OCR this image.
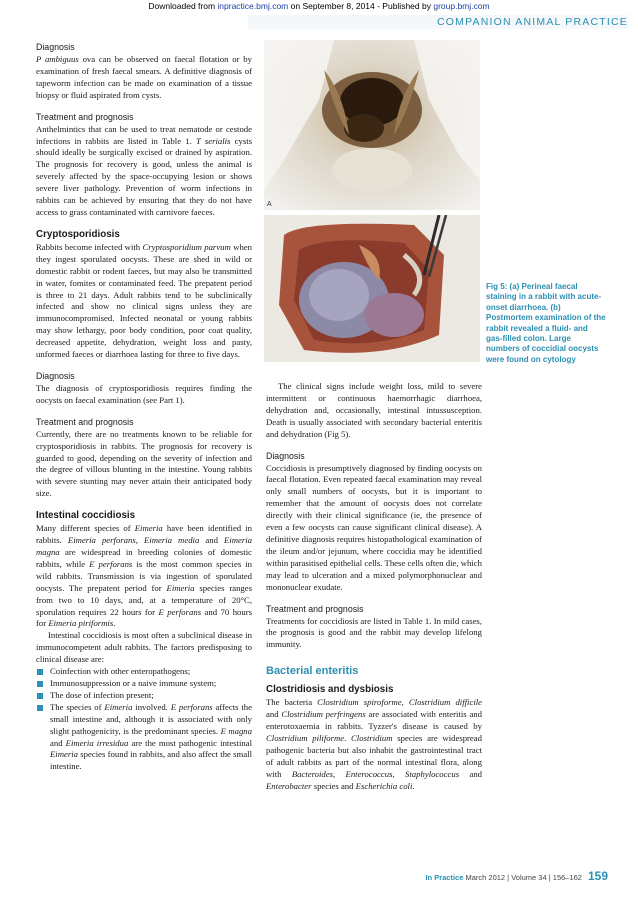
Downloaded from inpractice.bmj.com on September 8, 2014 - Published by group.bmj.com
COMPANION ANIMAL PRACTICE
Diagnosis

P ambiguus ova can be observed on faecal flotation or by examination of fresh faecal smears. A definitive diagnosis of tapeworm infection can be made on examination of a tissue biopsy or fluid aspirated from cysts.

Treatment and prognosis

Anthelmintics that can be used to treat nematode or cestode infections in rabbits are listed in Table 1. T serialis cysts should ideally be surgically excised or drained by aspiration. The prognosis for recovery is good, unless the animal is severely affected by the space-occupying lesion or shows severe liver pathology. Prevention of worm infections in rabbits can be achieved by ensuring that they do not have access to grass contaminated with carnivore faeces.

Cryptosporidiosis

Rabbits become infected with Cryptosporidium parvum when they ingest sporulated oocysts. These are shed in wild or domestic rabbit or rodent faeces, but may also be transmitted in water, fomites or contaminated feed. The prepatent period is three to 21 days. Adult rabbits tend to be subclinically infected and show no clinical signs unless they are immunocompromised. Infected neonatal or young rabbits may show lethargy, poor body condition, poor coat quality, decreased appetite, dehydration, weight loss and pasty, unformed faeces or diarrhoea lasting for three to five days.

Diagnosis

The diagnosis of cryptosporidiosis requires finding the oocysts on faecal examination (see Part 1).

Treatment and prognosis

Currently, there are no treatments known to be reliable for cryptosporidiosis in rabbits. The prognosis for recovery is guarded to good, depending on the severity of infection and the degree of villous blunting in the intestine. Young rabbits with severe stunting may never attain their anticipated body size.

Intestinal coccidiosis

Many different species of Eimeria have been identified in rabbits. Eimeria perforans, Eimeria media and Eimeria magna are widespread in breeding colonies of domestic rabbits, while E perforans is the most common species in wild rabbits. Transmission is via ingestion of sporulated oocysts. The prepatent period for Eimeria species ranges from two to 10 days, and, at a temperature of 20°C, sporulation requires 22 hours for E perforans and 70 hours for Eimeria piriformis.

Intestinal coccidiosis is most often a subclinical disease in immunocompetent adult rabbits. The factors predisposing to clinical disease are:

Coinfection with other enteropathogens;
Immunosuppression or a naive immune system;
The dose of infection present;
The species of Eimeria involved. E perforans affects the small intestine and, although it is associated with only slight pathogenicity, is the predominant species. E magna and Eimeria irresidua are the most pathogenic intestinal Eimeria species found in rabbits, and also affect the small intestine.
A
B
Fig 5: (a) Perineal faecal staining in a rabbit with acute-onset diarrhoea. (b) Postmortem examination of the rabbit revealed a fluid- and gas-filled colon. Large numbers of coccidial oocysts were found on cytology

The clinical signs include weight loss, mild to severe intermittent or continuous haemorrhagic diarrhoea, dehydration and, occasionally, intestinal intussusception. Death is usually associated with secondary bacterial enteritis and dehydration (Fig 5).

Diagnosis

Coccidiosis is presumptively diagnosed by finding oocysts on faecal flotation. Even repeated faecal examination may reveal only small numbers of oocysts, but it is important to remember that the amount of oocysts does not correlate directly with their clinical significance (ie, the presence of even a few oocysts can cause significant clinical disease). A definitive diagnosis requires histopathological examination of the ileum and/or jejunum, where coccidia may be identified within parasitised epithelial cells. These cells often die, which may lead to ulceration and a mixed polymorphonuclear and mononuclear exudate.

Treatment and prognosis

Treatments for coccidiosis are listed in Table 1. In mild cases, the prognosis is good and the rabbit may develop lifelong immunity.

Bacterial enteritis
Clostridiosis and dysbiosis

The bacteria Clostridium spiroforme, Clostridium difficile and Clostridium perfringens are associated with enteritis and enterotoxaemia in rabbits. Tyzzer's disease is caused by Clostridium piliforme. Clostridium species are widespread pathogenic bacteria but also inhabit the gastrointestinal tract of adult rabbits as part of the normal intestinal flora, along with Bacteroides, Enterococcus, Staphylococcus and Enterobacter species and Escherichia coli.

In Practice March 2012 | Volume 34 | 156–162 159
